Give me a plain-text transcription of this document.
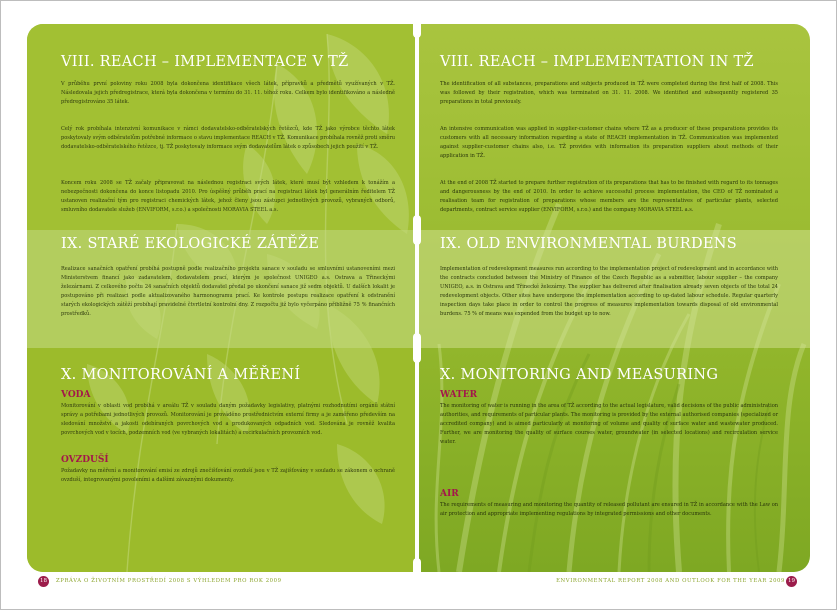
VIII. REACH – IMPLEMENTACE V TŽ

V průběhu první poloviny roku 2008 byla dokončena identifikace všech látek, přípravků a předmětů využívaných v TŽ. Následovala jejich předregistrace, která byla dokončena v termínu do 31. 11. téhož roku. Celkem bylo identifikováno a následně předregistrováno 35 látek.

Celý rok probíhala intenzivní komunikace v rámci dodavatelsko-odběratelských řetězců, kde TŽ jako výrobce těchto látek poskytovaly svým odběratelům potřebné informace o stavu implementace REACH v TŽ. Komunikace probíhala rovněž proti směru dodavatelsko-odběratelského řetězce, tj. TŽ poskytovaly informace svým dodavatelům látek o způsobech jejich použití v TŽ.

Koncem roku 2008 se TŽ začaly připravovat na následnou registraci svých látek, které musí být vzhledem k tonážím a nebezpečnosti dokončena do konce listopadu 2010. Pro úspěšný průběh prací na registraci látek byl generálním ředitelem TŽ ustanoven realizační tým pro registraci chemických látek, jehož členy jsou zástupci jednotlivých provozů, vybraných odborů, smluvního dodavatele služeb (ENVIFORM, s.r.o.) a společnosti MORAVIA STEEL a.s.

IX. STARÉ EKOLOGICKÉ ZÁTĚŽE

Realizace sanačních opatření probíhá postupně podle realizačního projektu sanace v souladu se smluvními ustanoveními mezi Ministerstvem financí jako zadavatelem, dodavatelem prací, kterým je společnost UNIGEO a.s. Ostrava a Třineckými železárnami. Z celkového počtu 24 sanačních objektů dodavatel předal po ukončení sanace již sedm objektů. U dalších lokalit je postupováno při realizaci podle aktualizovaného harmonogramu prací. Ke kontrole postupu realizace opatření k odstranění starých ekologických zátěží probíhají pravidelné čtvrtletní kontrolní dny. Z rozpočtu již bylo vyčerpáno přibližně 75 % finančních prostředků.

X. MONITOROVÁNÍ A MĚŘENÍ
VODA

Monitorování v oblasti vod probíhá v areálu TŽ v souladu daným požadavky legislativy, platnými rozhodnutími orgánů státní správy a potřebami jednotlivých provozů. Monitorování je prováděno prostřednictvím externí firmy a je zaměřeno především na sledování množství a jakosti odebíraných povrchových vod a produkovaných odpadních vod. Sledována je rovněž kvalita povrchových vod v tocích, podzemních vod (ve vybraných lokalitách) a recirkulačních provozních vod.

OVZDUŠÍ

Požadavky na měření a monitorování emisí ze zdrojů znečišťování ovzduší jsou v TŽ zajišťovány v souladu se zákonem o ochraně ovzduší, integrovanými povoleními a dalšími závaznými dokumenty.

VIII. REACH – IMPLEMENTATION IN TŽ

The identification of all substances, preparations and subjects produced in TŽ were completed during the first half of 2008. This was followed by their registration, which was terminated on 31. 11. 2008. We identified and subsequently registered 35 preparations in total previously.

An intensive communication was applied in supplier-customer chains where TŽ as a producer of these preparations provides its customers with all necessary information regarding a state of REACH implementation in TŽ. Communication was implemented against supplier-customer chains also, i.e. TŽ provides with information its preparation suppliers about methods of their application in TŽ.

At the end of 2008 TŽ started to prepare further registration of its preparations that has to be finished with regard to its tonnages and dangerousness by the end of 2010. In order to achieve successful process implementation, the CEO of TŽ nominated a realisation team for registration of preparations whose members are the representatives of particular plants, selected departments, contract service supplier (ENVIFORM, s.r.o.) and the company MORAVIA STEEL a.s.

IX. OLD ENVIRONMENTAL BURDENS

Implementation of redevelopment measures run according to the implementation project of redevelopment and in accordance with the contracts concluded between the Ministry of Finance of the Czech Republic as a submitter, labour supplier – the company UNIGEO, a.s. in Ostrava and Třinecké železárny. The supplier has delivered after finalisation already seven objects of the total 24 redevelopment objects. Other sites have undergone the implementation according to up-dated labour schedule. Regular quarterly inspection days take place in order to control the progress of measures implementation towards disposal of old environmental burdens. 75 % of means was expended from the budget up to now.

X. MONITORING AND MEASURING
WATER

The monitoring of water is running in the area of TŽ according to the actual legislature, valid decisions of the public administration authorities, and requirements of particular plants. The monitoring is provided by the external authorised companies (specialized or accredited company) and is aimed particularly at monitoring of volume and quality of surface water and wastewater produced. Further, we are monitoring the quality of surface courses water, groundwater (in selected locations) and recirculation service water.

AIR

The requirements of measuring and monitoring the quantity of released pollutant are ensured in TŽ in accordance with the Law on air protection and appropriate implementing regulations by integrated permissions and other documents.

18	ZPRÁVA O ŽIVOTNÍM PROSTŘEDÍ 2008 S VÝHLEDEM PRO ROK 2009	ENVIRONMENTAL REPORT 2008 AND OUTLOOK FOR THE YEAR 2009 19
